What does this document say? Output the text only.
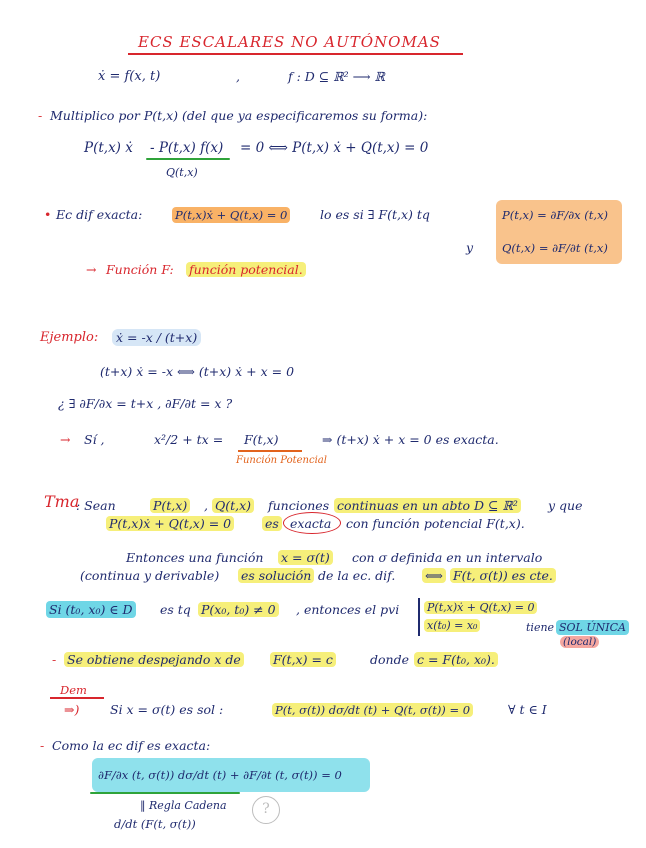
ECS ESCALARES NO AUTÓNOMAS
ẋ = f(x, t)	,	f : D ⊆ ℝ² ⟶ ℝ
- Multiplico por P(t,x) (del que ya especificaremos su forma):
P(t,x) ẋ - P(t,x) f(x) = 0 ⟺ P(t,x) ẋ + Q(t,x) = 0
Q(t,x)
• Ec dif exacta:	P(t,x)ẋ + Q(t,x) = 0	lo es si ∃ F(t,x) tq	P(t,x) = ∂F/∂x (t,x)
y	Q(t,x) = ∂F/∂t (t,x)
→ Función F: función potencial.
Ejemplo:	ẋ = -x / (t+x)
(t+x) ẋ = -x ⟺ (t+x) ẋ + x = 0
¿ ∃ ∂F/∂x = t+x , ∂F/∂t = x ?
→ Sí ,	x²/2 + tx = F(t,x)	⇒ (t+x) ẋ + x = 0 es exacta.
Función Potencial
Tma
: Sean	P(t,x) , Q(t,x) funciones continuas en un abto D ⊆ ℝ² y que
P(t,x)ẋ + Q(t,x) = 0	es exacta con función potencial F(t,x).
Entonces una función x = σ(t) con σ definida en un intervalo
(continua y derivable) es solución de la ec. dif. ⟺ F(t, σ(t)) es cte.
Si (t₀, x₀) ∈ D es tq P(x₀, t₀) ≠ 0 , entonces el pvi	P(t,x)ẋ + Q(t,x) = 0
x(t₀) = x₀	tiene SOL ÚNICA
(local)
- Se obtiene despejando x de	F(t,x) = c	donde c = F(t₀, x₀).
Dem
⇒) Si x = σ(t) es sol :	P(t, σ(t)) dσ/dt (t) + Q(t, σ(t)) = 0	∀ t ∈ I
- Como la ec dif es exacta:
∂F/∂x (t, σ(t)) dσ/dt (t) + ∂F/∂t (t, σ(t)) = 0
‖ Regla Cadena	?
d/dt (F(t, σ(t))
